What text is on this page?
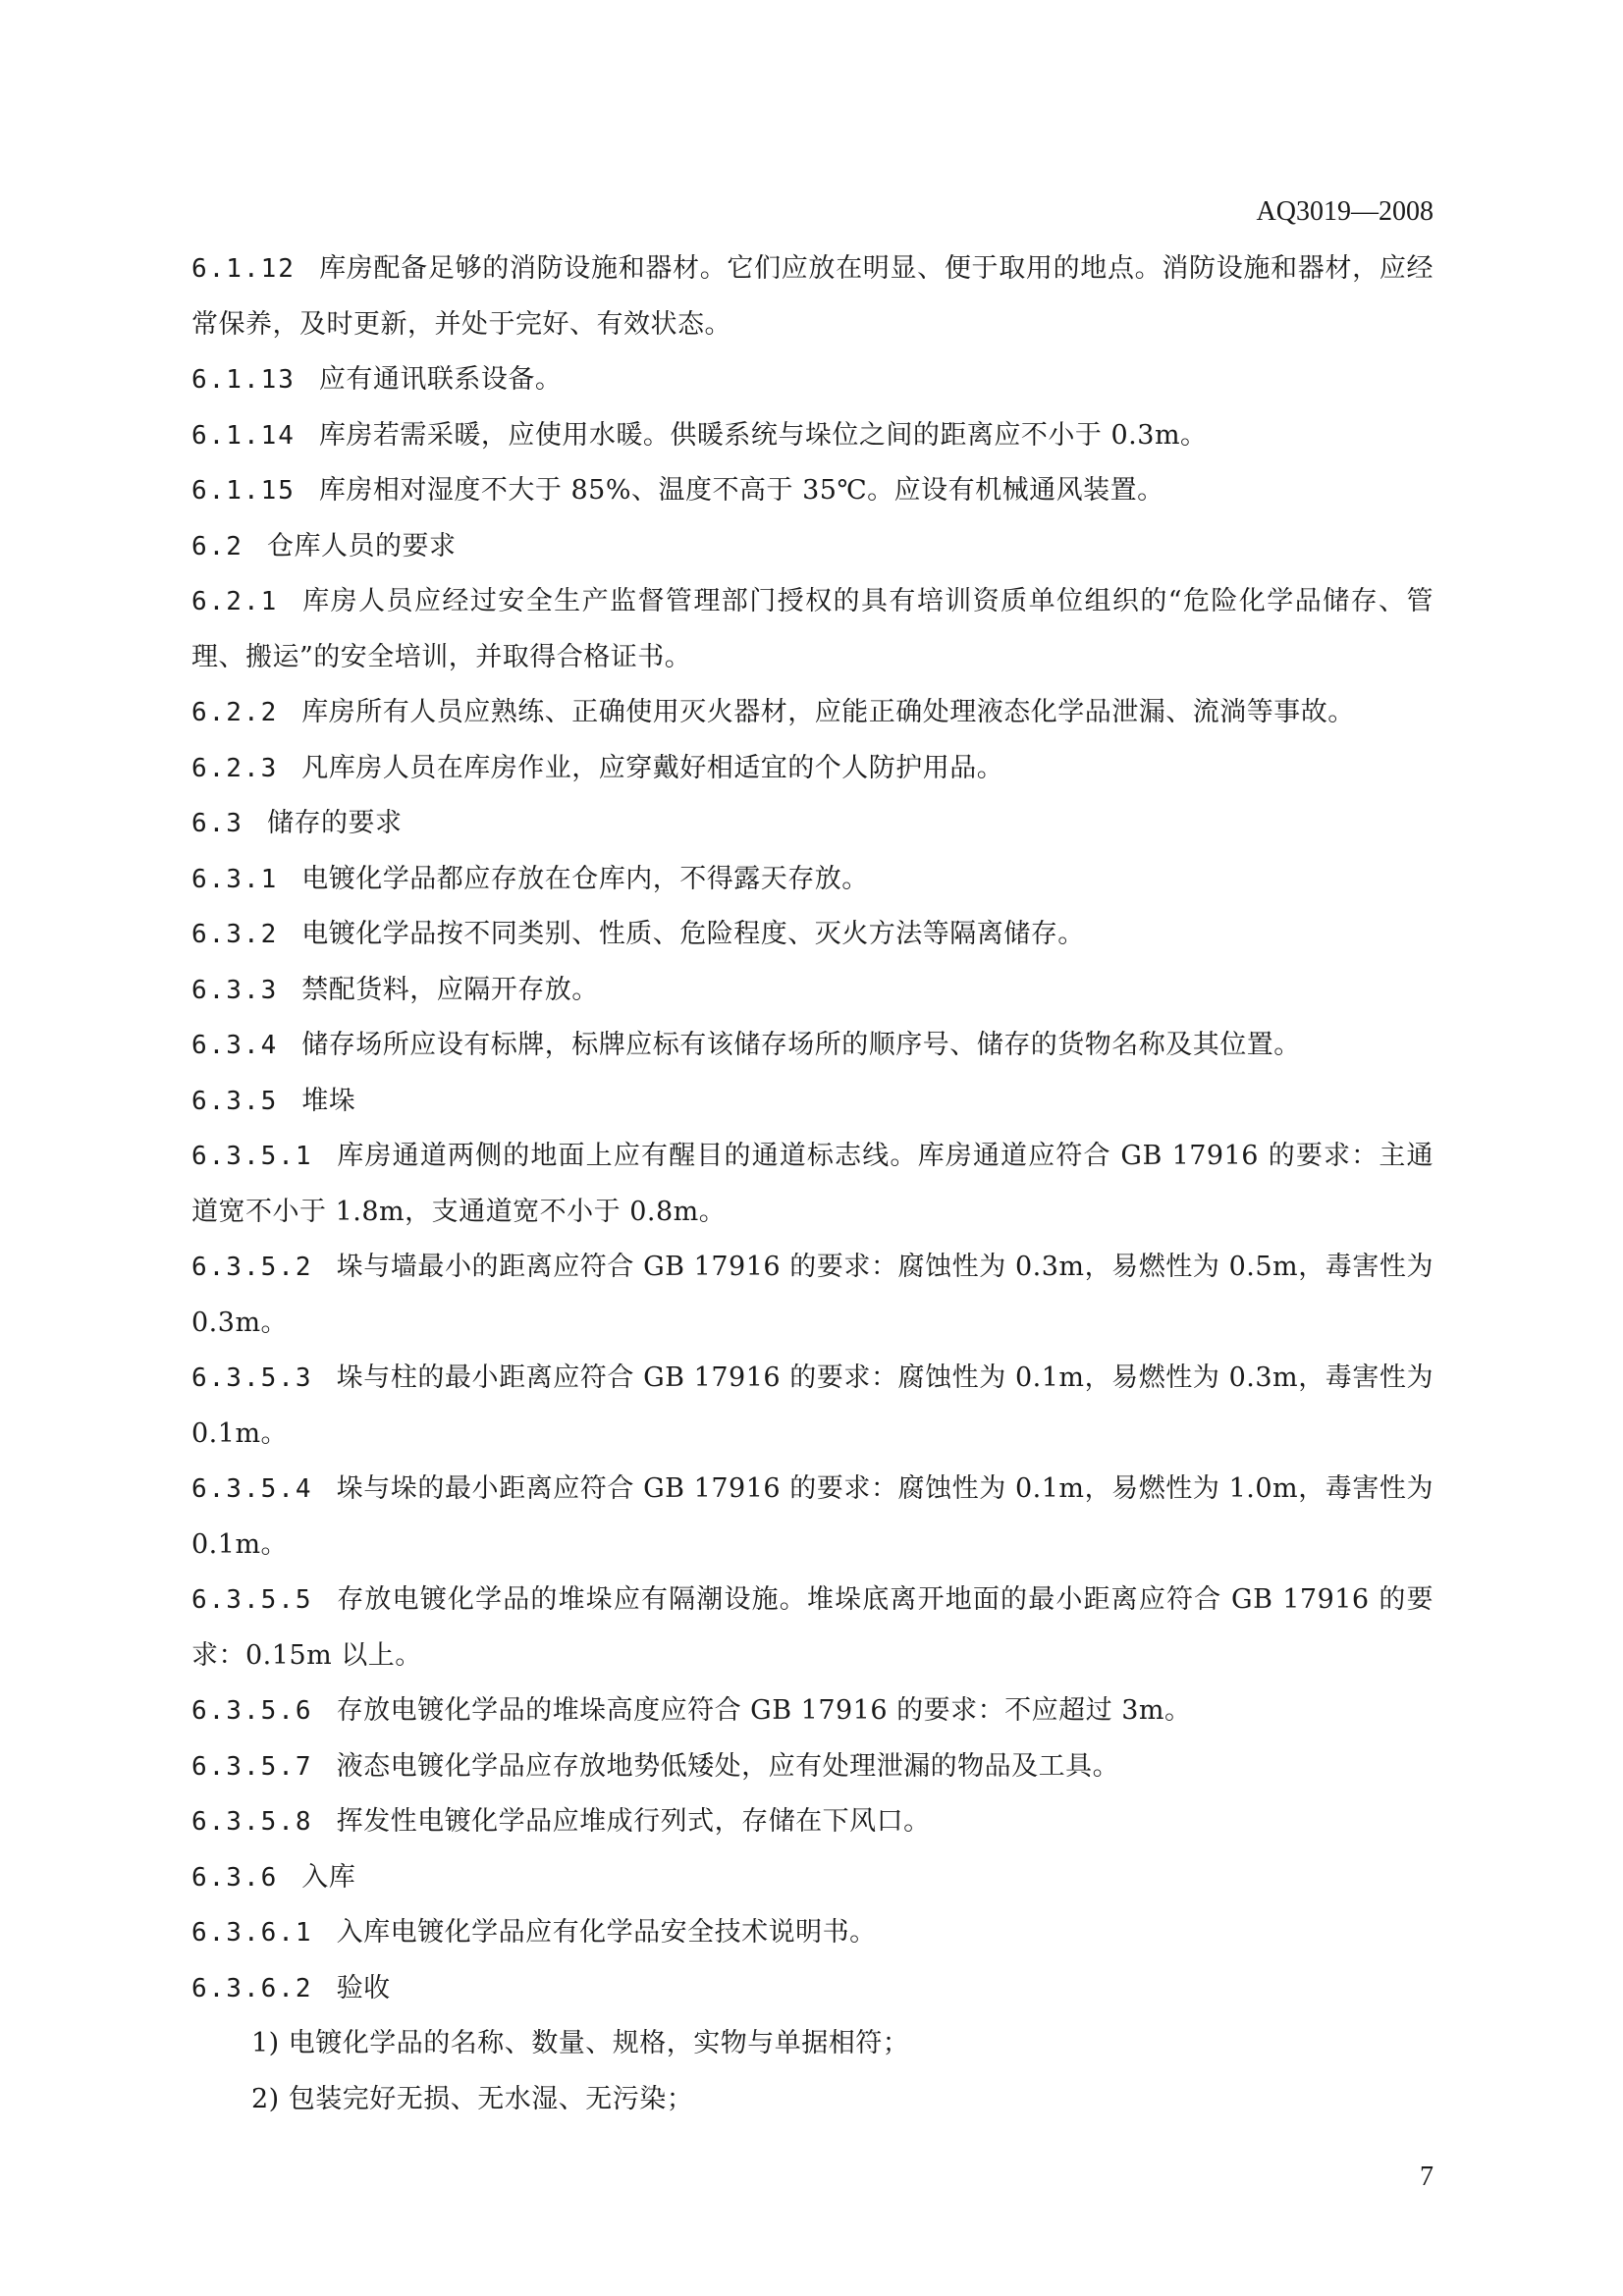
AQ3019—2008

6.1.12 库房配备足够的消防设施和器材。它们应放在明显、便于取用的地点。消防设施和器材，应经常保养，及时更新，并处于完好、有效状态。

6.1.13 应有通讯联系设备。

6.1.14 库房若需采暖，应使用水暖。供暖系统与垛位之间的距离应不小于 0.3m。

6.1.15 库房相对湿度不大于 85%、温度不高于 35℃。应设有机械通风装置。

6.2 仓库人员的要求

6.2.1 库房人员应经过安全生产监督管理部门授权的具有培训资质单位组织的“危险化学品储存、管理、搬运”的安全培训，并取得合格证书。

6.2.2 库房所有人员应熟练、正确使用灭火器材，应能正确处理液态化学品泄漏、流淌等事故。

6.2.3 凡库房人员在库房作业，应穿戴好相适宜的个人防护用品。

6.3 储存的要求

6.3.1 电镀化学品都应存放在仓库内，不得露天存放。

6.3.2 电镀化学品按不同类别、性质、危险程度、灭火方法等隔离储存。

6.3.3 禁配货料，应隔开存放。

6.3.4 储存场所应设有标牌，标牌应标有该储存场所的顺序号、储存的货物名称及其位置。

6.3.5 堆垛

6.3.5.1 库房通道两侧的地面上应有醒目的通道标志线。库房通道应符合 GB 17916 的要求：主通道宽不小于 1.8m，支通道宽不小于 0.8m。

6.3.5.2 垛与墙最小的距离应符合 GB 17916 的要求：腐蚀性为 0.3m，易燃性为 0.5m，毒害性为 0.3m。

6.3.5.3 垛与柱的最小距离应符合 GB 17916 的要求：腐蚀性为 0.1m，易燃性为 0.3m，毒害性为 0.1m。

6.3.5.4 垛与垛的最小距离应符合 GB 17916 的要求：腐蚀性为 0.1m，易燃性为 1.0m，毒害性为 0.1m。

6.3.5.5 存放电镀化学品的堆垛应有隔潮设施。堆垛底离开地面的最小距离应符合 GB 17916 的要求：0.15m 以上。

6.3.5.6 存放电镀化学品的堆垛高度应符合 GB 17916 的要求：不应超过 3m。

6.3.5.7 液态电镀化学品应存放地势低矮处，应有处理泄漏的物品及工具。

6.3.5.8 挥发性电镀化学品应堆成行列式，存储在下风口。

6.3.6 入库

6.3.6.1 入库电镀化学品应有化学品安全技术说明书。

6.3.6.2 验收

1) 电镀化学品的名称、数量、规格，实物与单据相符；

2) 包装完好无损、无水湿、无污染；

7
